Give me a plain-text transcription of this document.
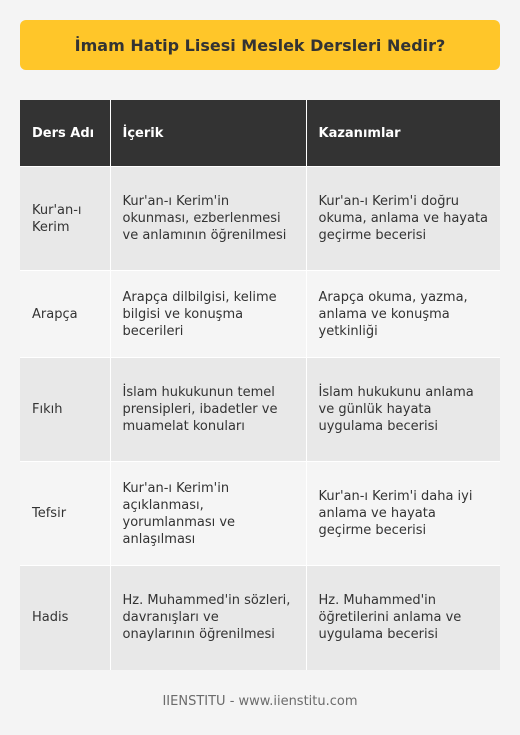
İmam Hatip Lisesi Meslek Dersleri Nedir?
Ders Adı	İçerik	Kazanımlar
Kur'an-ı Kerim	Kur'an-ı Kerim'in okunması, ezberlenmesi ve anlamının öğrenilmesi	Kur'an-ı Kerim'i doğru okuma, anlama ve hayata geçirme becerisi
Arapça	Arapça dilbilgisi, kelime bilgisi ve konuşma becerileri	Arapça okuma, yazma, anlama ve konuşma yetkinliği
Fıkıh	İslam hukukunun temel prensipleri, ibadetler ve muamelat konuları	İslam hukukunu anlama ve günlük hayata uygulama becerisi
Tefsir	Kur'an-ı Kerim'in açıklanması, yorumlanması ve anlaşılması	Kur'an-ı Kerim'i daha iyi anlama ve hayata geçirme becerisi
Hadis	Hz. Muhammed'in sözleri, davranışları ve onaylarının öğrenilmesi	Hz. Muhammed'in öğretilerini anlama ve uygulama becerisi
IIENSTITU - www.iienstitu.com
